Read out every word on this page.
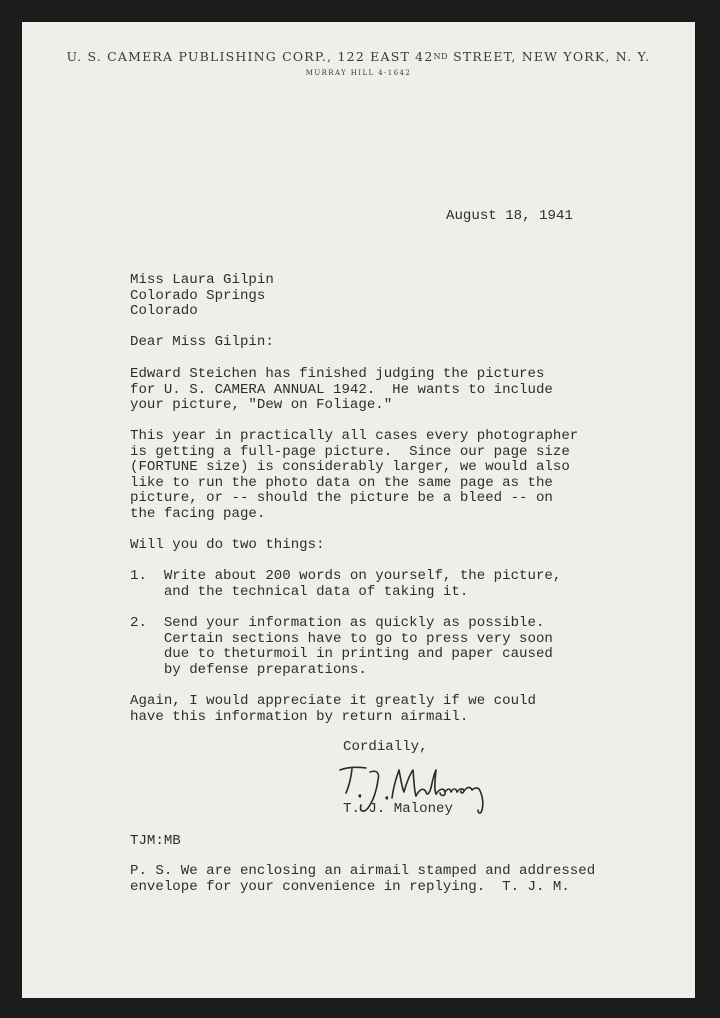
U. S. CAMERA PUBLISHING CORP., 122 EAST 42ND STREET, NEW YORK, N. Y.
MURRAY HILL 4-1642
August 18, 1941
Miss Laura Gilpin
Colorado Springs
Colorado
Dear Miss Gilpin:
Edward Steichen has finished judging the pictures
for U. S. CAMERA ANNUAL 1942.  He wants to include
your picture, "Dew on Foliage."
This year in practically all cases every photographer
is getting a full-page picture.  Since our page size
(FORTUNE size) is considerably larger, we would also
like to run the photo data on the same page as the
picture, or -- should the picture be a bleed -- on
the facing page.
Will you do two things:
1.  Write about 200 words on yourself, the picture,
and the technical data of taking it.
2.  Send your information as quickly as possible.
Certain sections have to go to press very soon
due to theturmoil in printing and paper caused
by defense preparations.
Again, I would appreciate it greatly if we could
have this information by return airmail.
Cordially,
T. J. Maloney
TJM:MB
P. S. We are enclosing an airmail stamped and addressed
envelope for your convenience in replying.  T. J. M.
